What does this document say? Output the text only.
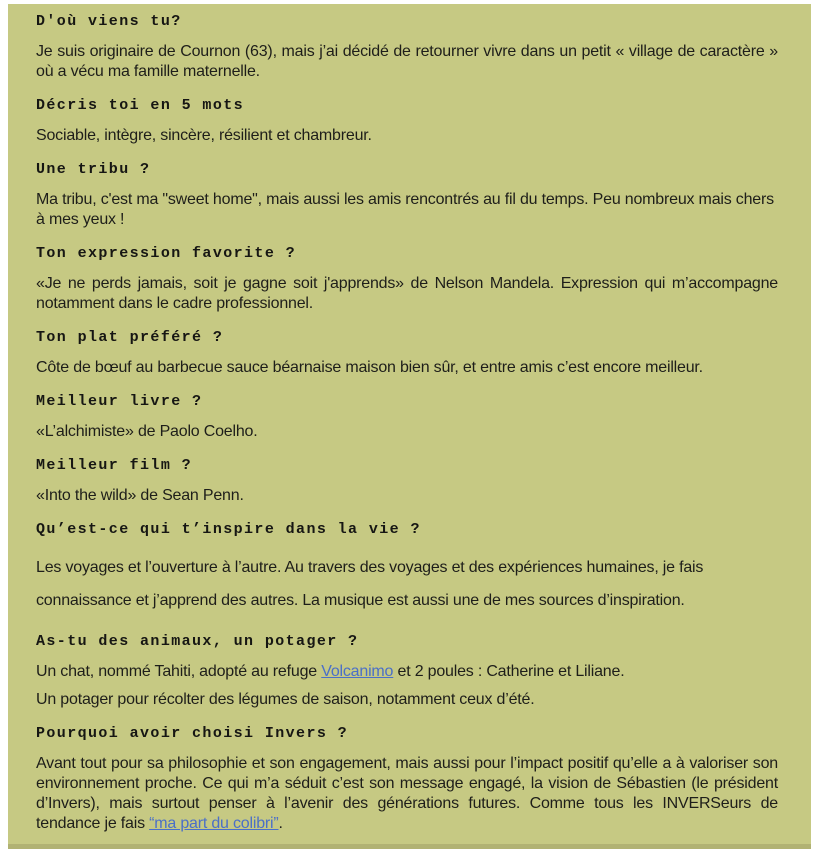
D'où viens tu?

Je suis originaire de Cournon (63), mais j’ai décidé de retourner vivre dans un petit « village de caractère » où a vécu ma famille maternelle.

Décris toi en 5 mots

Sociable, intègre, sincère, résilient et chambreur.

Une tribu ?

Ma tribu, c'est ma "sweet home", mais aussi les amis rencontrés au fil du temps. Peu nombreux mais chers à mes yeux !

Ton expression favorite ?

«Je ne perds jamais, soit je gagne soit j'apprends» de Nelson Mandela. Expression qui m’accompagne notamment dans le cadre professionnel.

Ton plat préféré ?

Côte de bœuf au barbecue sauce béarnaise maison bien sûr, et entre amis c’est encore meilleur.

Meilleur livre ?

«L’alchimiste» de Paolo Coelho.

Meilleur film ?

«Into the wild» de Sean Penn.

Qu’est-ce qui t’inspire dans la vie ?

Les voyages et l’ouverture à l’autre. Au travers des voyages et des expériences humaines, je fais connaissance et j’apprend des autres. La musique est aussi une de mes sources d’inspiration.

As-tu des animaux, un potager ?

Un chat, nommé Tahiti, adopté au refuge Volcanimo et 2 poules : Catherine et Liliane.

Un potager pour récolter des légumes de saison, notamment ceux d’été.

Pourquoi avoir choisi Invers ?

Avant tout pour sa philosophie et son engagement, mais aussi pour l’impact positif qu’elle a à valoriser son environnement proche. Ce qui m’a séduit c’est son message engagé, la vision de Sébastien (le président d’Invers), mais surtout penser à l’avenir des générations futures. Comme tous les INVERSeurs de tendance je fais “ma part du colibri”.
